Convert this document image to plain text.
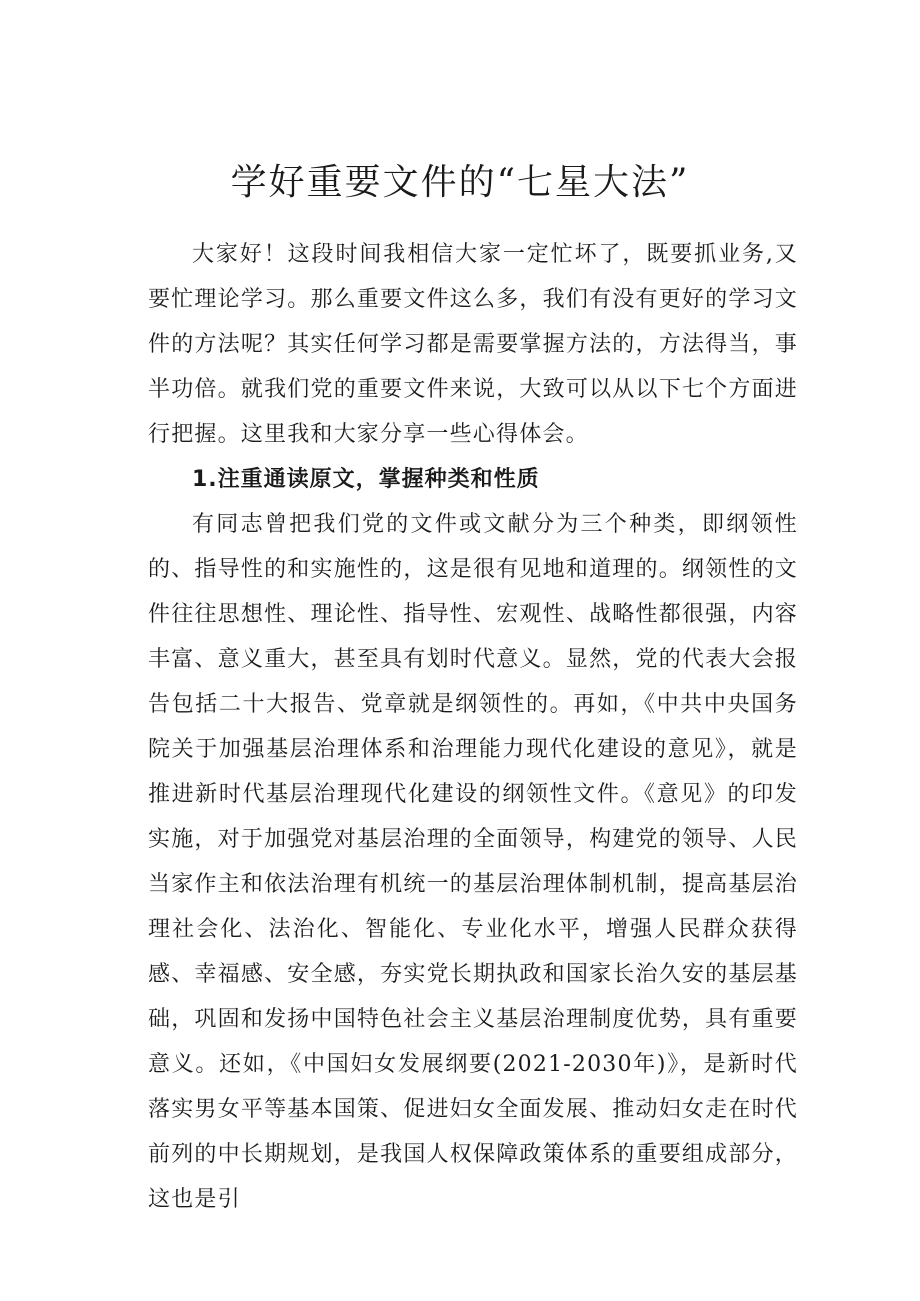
学好重要文件的“七星大法”

大家好！这段时间我相信大家一定忙坏了，既要抓业务,又要忙理论学习。那么重要文件这么多，我们有没有更好的学习文件的方法呢？其实任何学习都是需要掌握方法的，方法得当，事半功倍。就我们党的重要文件来说，大致可以从以下七个方面进行把握。这里我和大家分享一些心得体会。

1.注重通读原文，掌握种类和性质

有同志曾把我们党的文件或文献分为三个种类，即纲领性的、指导性的和实施性的，这是很有见地和道理的。纲领性的文件往往思想性、理论性、指导性、宏观性、战略性都很强，内容丰富、意义重大，甚至具有划时代意义。显然，党的代表大会报告包括二十大报告、党章就是纲领性的。再如，《中共中央国务院关于加强基层治理体系和治理能力现代化建设的意见》，就是推进新时代基层治理现代化建设的纲领性文件。《意见》的印发实施，对于加强党对基层治理的全面领导，构建党的领导、人民当家作主和依法治理有机统一的基层治理体制机制，提高基层治理社会化、法治化、智能化、专业化水平，增强人民群众获得感、幸福感、安全感，夯实党长期执政和国家长治久安的基层基础，巩固和发扬中国特色社会主义基层治理制度优势，具有重要意义。还如，《中国妇女发展纲要(2021-2030年)》，是新时代落实男女平等基本国策、促进妇女全面发展、推动妇女走在时代前列的中长期规划，是我国人权保障政策体系的重要组成部分，这也是引
